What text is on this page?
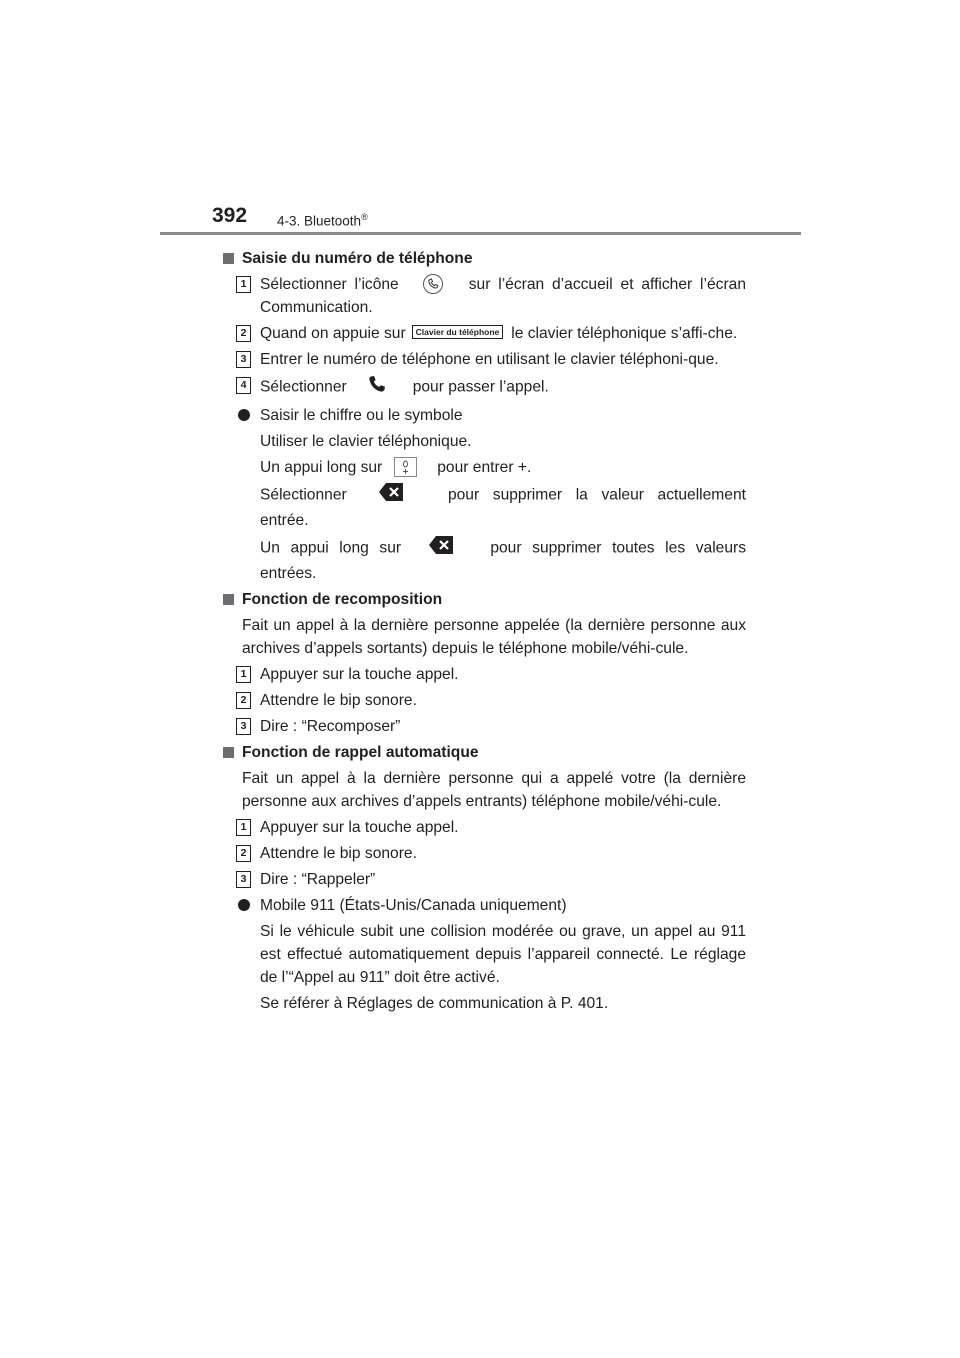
392 4-3. Bluetooth®
Saisie du numéro de téléphone
1 Sélectionner l’icône	sur l’écran d’accueil et afficher l’écran Communication.
2 Quand on appuie sur Clavier du téléphone le clavier téléphonique s’affi-che.
3 Entrer le numéro de téléphone en utilisant le clavier téléphoni-que.
4 Sélectionner	pour passer l’appel.
Saisir le chiffre ou le symbole
Utiliser le clavier téléphonique.
Un appui long sur	pour entrer +.
Sélectionner	pour supprimer la valeur actuellement
entrée.
Un appui long sur	pour supprimer toutes les valeurs
entrées.
Fonction de recomposition
Fait un appel à la dernière personne appelée (la dernière personne aux archives d’appels sortants) depuis le téléphone mobile/véhi-cule.
1 Appuyer sur la touche appel.
2 Attendre le bip sonore.
3 Dire : “Recomposer”
Fonction de rappel automatique
Fait un appel à la dernière personne qui a appelé votre (la dernière personne aux archives d’appels entrants) téléphone mobile/véhi-cule.
1 Appuyer sur la touche appel.
2 Attendre le bip sonore.
3 Dire : “Rappeler”
Mobile 911 (États-Unis/Canada uniquement)
Si le véhicule subit une collision modérée ou grave, un appel au 911 est effectué automatiquement depuis l’appareil connecté. Le réglage de l’“Appel au 911” doit être activé.
Se référer à Réglages de communication à P. 401.
